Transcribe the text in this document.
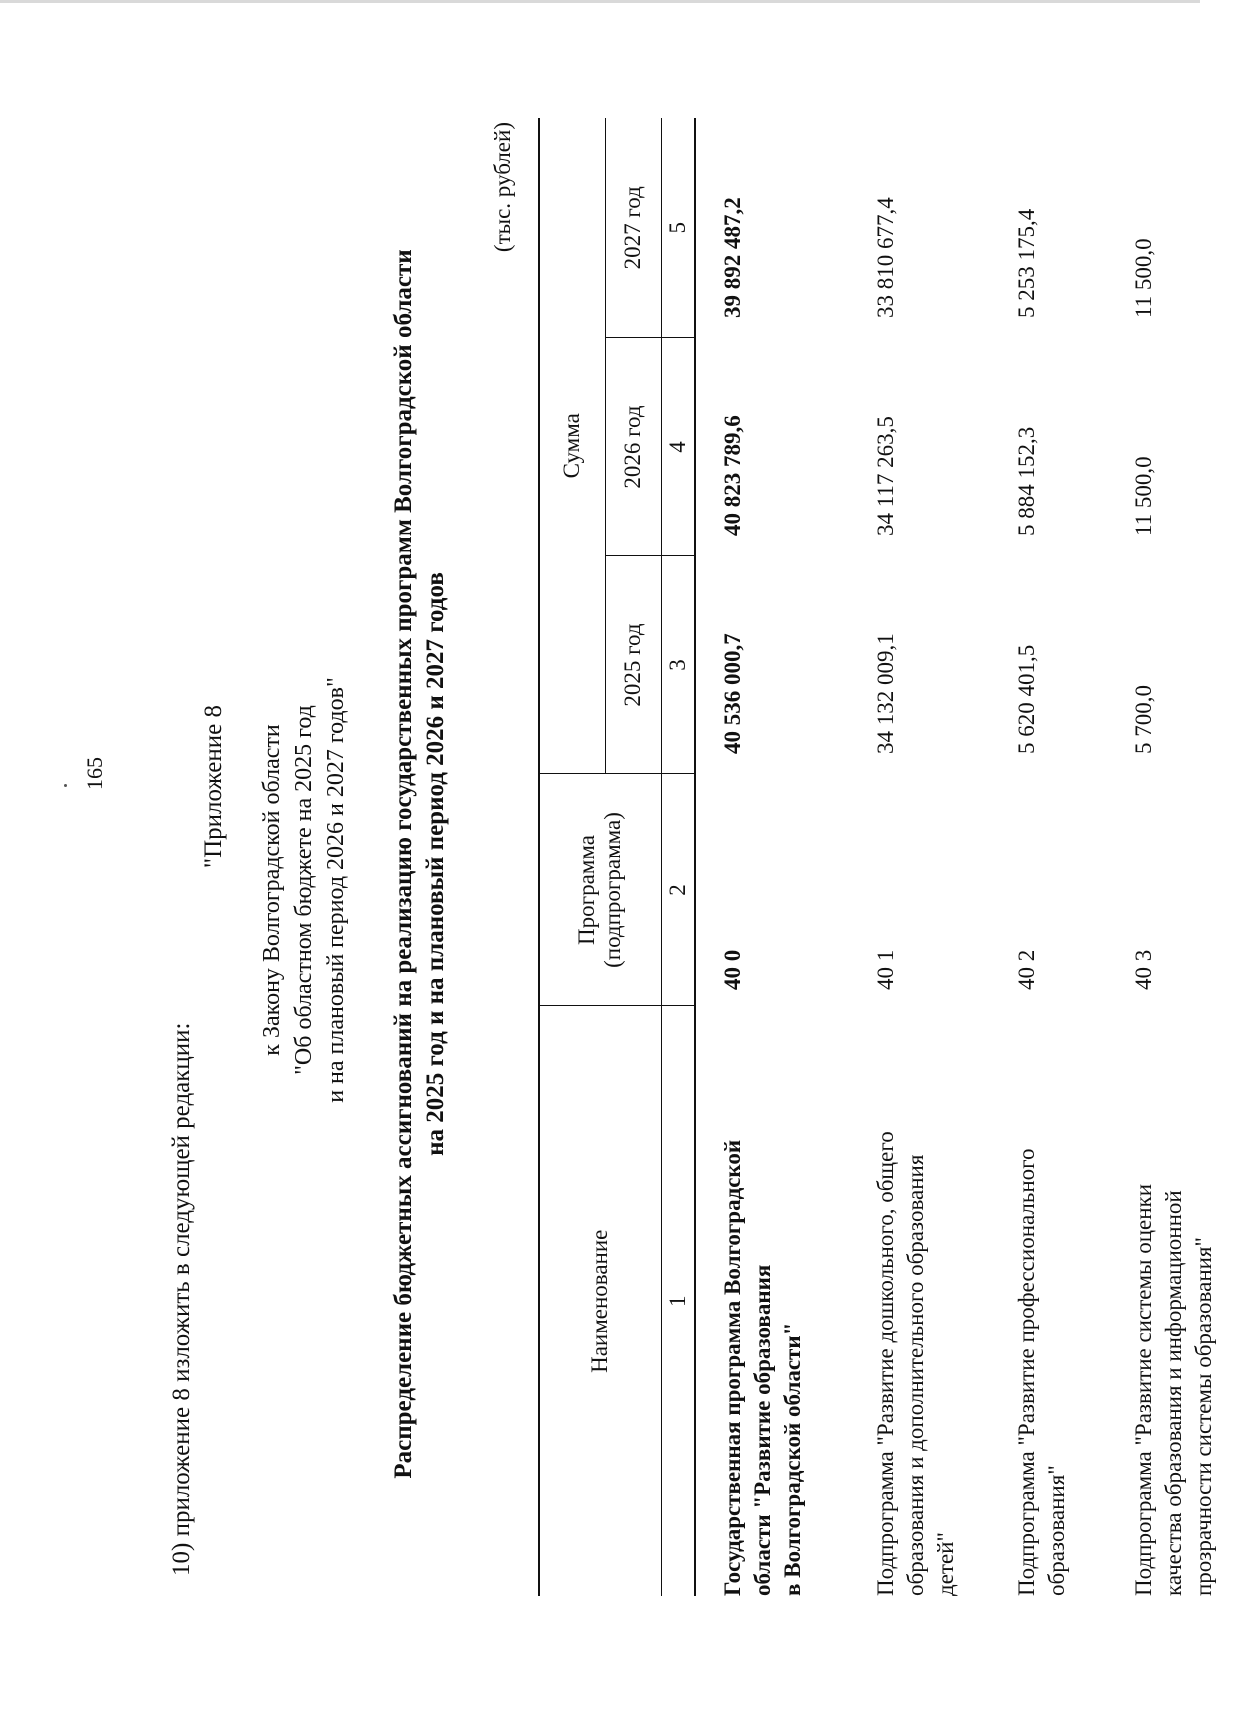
165
10) приложение 8 изложить в следующей редакции:
"Приложение 8 к Закону Волгоградской области "Об областном бюджете на 2025 год и на плановый период 2026 и 2027 годов" Распределение бюджетных ассигнований на реализацию государственных программ Волгоградской области на 2025 год и на плановый период 2026 и 2027 годов
(тыс. рублей)
Наименование	Программа (подпрограмма)	Сумма		
		2025 год	2026 год	2027 год
1	2	3	4	5

Государственная программа Волгоградской области "Развитие образования в Волгоградской области"	40 0	40 536 000,7	40 823 789,6	39 892 487,2

Подпрограмма "Развитие дошкольного, общего образования и дополнительного образования детей"	40 1	34 132 009,1	34 117 263,5	33 810 677,4

Подпрограмма "Развитие профессионального образования"	40 2	5 620 401,5	5 884 152,3	5 253 175,4

Подпрограмма "Развитие системы оценки качества образования и информационной прозрачности системы образования"	40 3	5 700,0	11 500,0	11 500,0
